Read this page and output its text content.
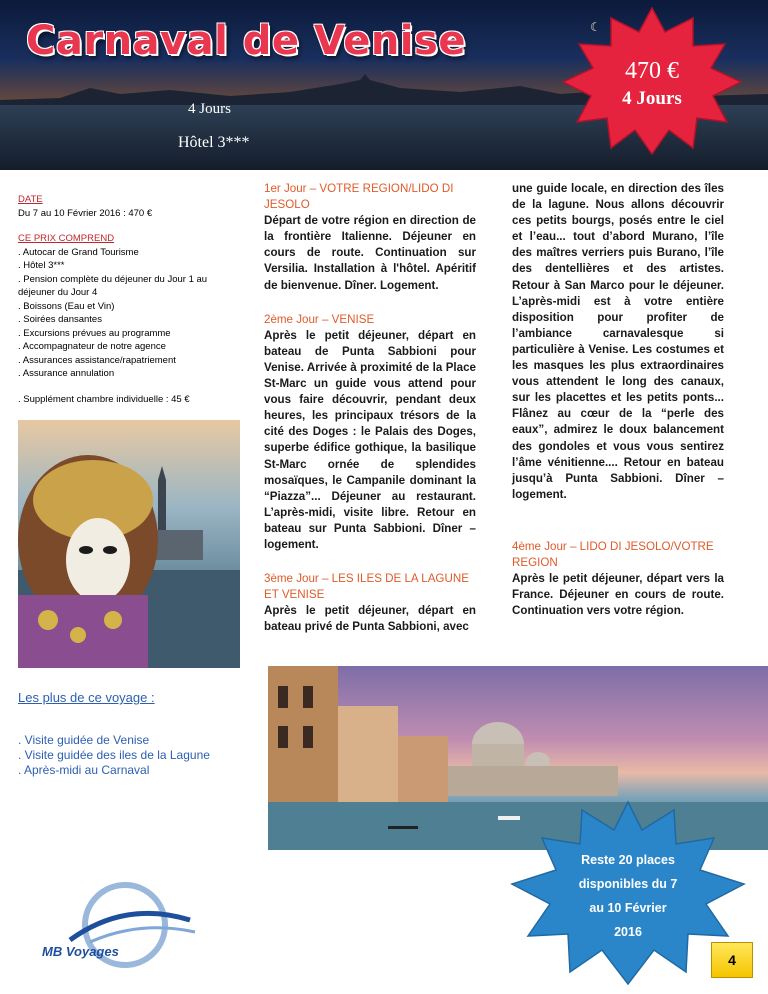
☾
Carnaval de Venise
4 Jours
Hôtel 3***
470 €
4 Jours

DATE

Du 7 au 10 Février 2016 : 470 €

CE PRIX COMPREND

. Autocar de Grand Tourisme

. Hôtel 3***

. Pension complète du déjeuner du Jour 1 au déjeuner du Jour 4

. Boissons (Eau et Vin)

. Soirées dansantes

. Excursions prévues au programme

. Accompagnateur de notre agence

. Assurances assistance/rapatriement

. Assurance annulation

. Supplément chambre individuelle : 45 €

1er Jour – VOTRE REGION/LIDO DI JESOLO

Départ de votre région en direction de la frontière Italienne. Déjeuner en cours de route. Continuation sur Versilia. Installation à l'hôtel. Apéritif de bienvenue. Dîner. Logement.

2ème Jour – VENISE

Après le petit déjeuner, départ en bateau de Punta Sabbioni pour Venise. Arrivée à proximité de la Place St-Marc un guide vous attend pour vous faire découvrir, pendant deux heures, les principaux trésors de la cité des Doges : le Palais des Doges, superbe édifice gothique, la basilique St-Marc ornée de splendides mosaïques, le Campanile dominant la “Piazza”... Déjeuner au restaurant. L’après-midi, visite libre. Retour en bateau sur Punta Sabbioni. Dîner – logement.

3ème Jour – LES ILES DE LA LAGUNE ET VENISE

Après le petit déjeuner, départ en bateau privé de Punta Sabbioni, avec

une guide locale, en direction des îles de la lagune. Nous allons découvrir ces petits bourgs, posés entre le ciel et l’eau... tout d’abord Murano, l’île des maîtres verriers puis Burano, l’île des dentellières et des artistes. Retour à San Marco pour le déjeuner. L’après-midi est à votre entière disposition pour profiter de l’ambiance carnavalesque si particulière à Venise. Les costumes et les masques les plus extraordinaires vous attendent le long des canaux, sur les placettes et les petits ponts... Flânez au cœur de la “perle des eaux”, admirez le doux balancement des gondoles et vous vous sentirez l’âme vénitienne.... Retour en bateau jusqu’à Punta Sabbioni. Dîner – logement.

4ème Jour – LIDO DI JESOLO/VOTRE REGION

Après le petit déjeuner, départ vers la France. Déjeuner en cours de route. Continuation vers votre région.

Les plus de ce voyage :
. Visite guidée de Venise
. Visite guidée des iles de la Lagune
. Après-midi au Carnaval
Reste 20 places
disponibles du 7
au 10 Février
2016
MB Voyages
4
